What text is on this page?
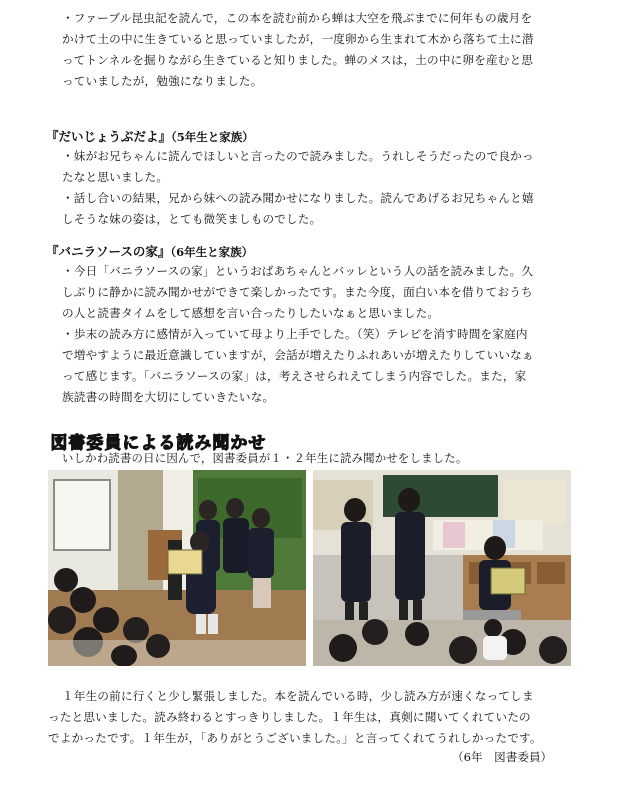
・ファーブル昆虫記を読んで，この本を読む前から蝉は大空を飛ぶまでに何年もの歳月を
かけて土の中に生きていると思っていましたが，一度卵から生まれて木から落ちて土に潜
ってトンネルを掘りながら生きていると知りました。蝉のメスは，土の中に卵を産むと思
っていましたが，勉強になりました。
『だいじょうぶだよ』（5年生と家族）
・妹がお兄ちゃんに読んでほしいと言ったので読みました。うれしそうだったので良かっ
たなと思いました。
・話し合いの結果，兄から妹への読み聞かせになりました。読んであげるお兄ちゃんと嬉
しそうな妹の姿は，とても微笑ましものでした。
『バニラソースの家』（6年生と家族）
・今日「バニラソースの家」というおばあちゃんとバッレという人の話を読みました。久
しぶりに静かに読み聞かせができて楽しかったです。また今度，面白い本を借りておうち
の人と読書タイムをして感想を言い合ったりしたいなぁと思いました。
・歩末の読み方に感情が入っていて母より上手でした。（笑）テレビを消す時間を家庭内
で増やすように最近意識していますが，会話が増えたりふれあいが増えたりしていいなぁ
って感じます。「バニラソースの家」は，考えさせられえてしまう内容でした。また，家
族読書の時間を大切にしていきたいな。
図書委員による読み聞かせ
いしかわ読書の日に因んで，図書委員が１・２年生に読み聞かせをしました。
１年生の前に行くと少し緊張しました。本を読んでいる時，少し読み方が速くなってしま
ったと思いました。読み終わるとすっきりしました。１年生は，真剣に聞いてくれていたの
でよかったです。１年生が，「ありがとうございました。」と言ってくれてうれしかったです。
（6年　図書委員）
